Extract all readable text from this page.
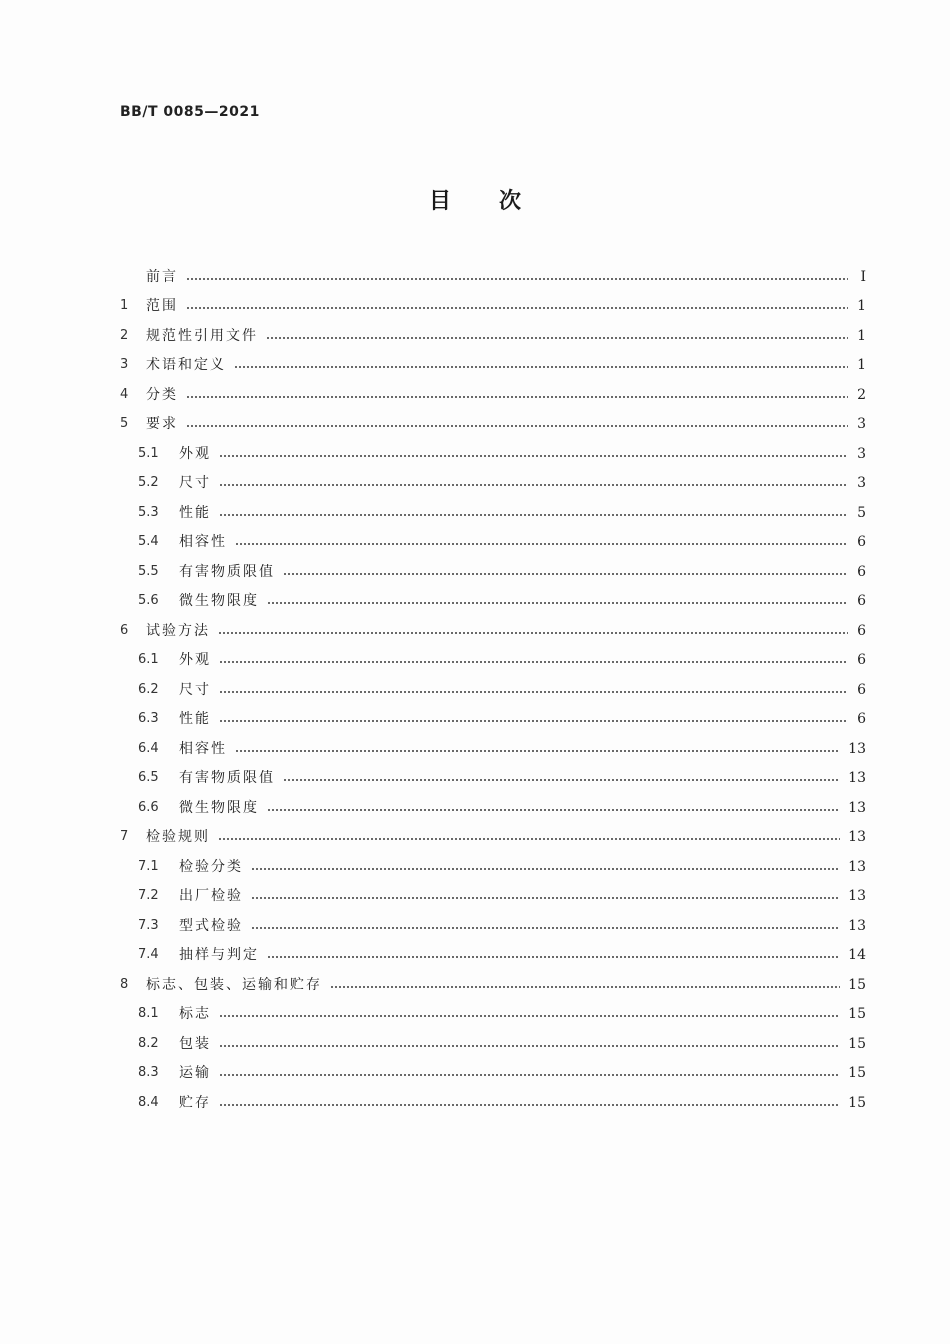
BB/T 0085—2021
目次
前言	Ⅰ
1	范围	1
2	规范性引用文件	1
3	术语和定义	1
4	分类	2
5	要求	3
5.1	外观	3
5.2	尺寸	3
5.3	性能	5
5.4	相容性	6
5.5	有害物质限值	6
5.6	微生物限度	6
6	试验方法	6
6.1	外观	6
6.2	尺寸	6
6.3	性能	6
6.4	相容性	13
6.5	有害物质限值	13
6.6	微生物限度	13
7	检验规则	13
7.1	检验分类	13
7.2	出厂检验	13
7.3	型式检验	13
7.4	抽样与判定	14
8	标志、包装、运输和贮存	15
8.1	标志	15
8.2	包装	15
8.3	运输	15
8.4	贮存	15
